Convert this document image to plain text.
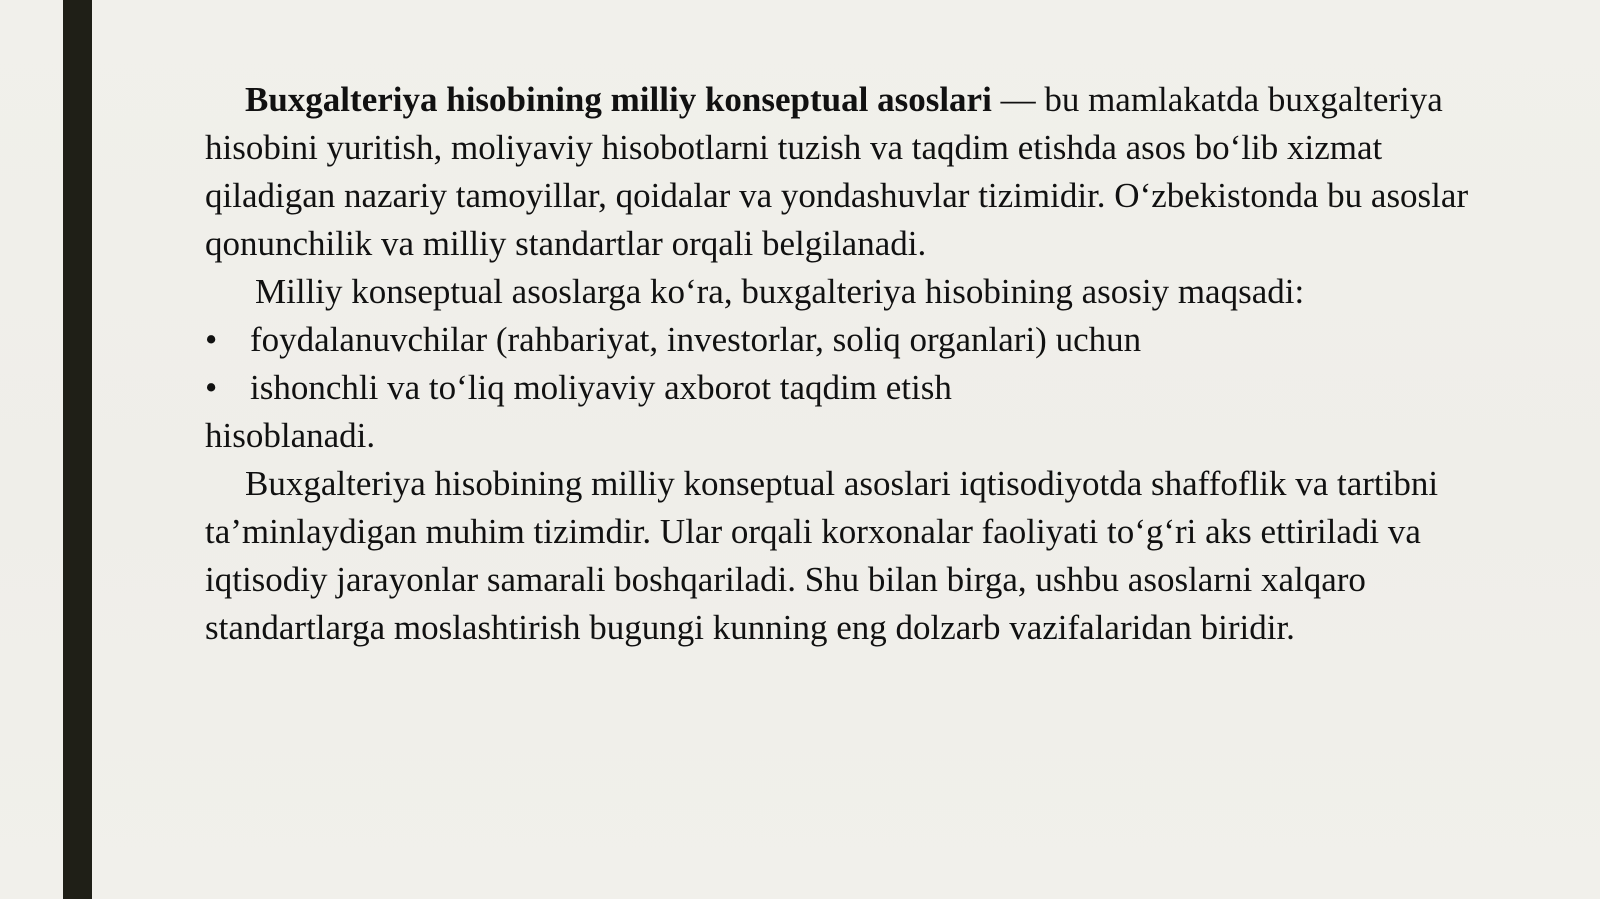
Buxgalteriya hisobining milliy konseptual asoslari — bu mamlakatda buxgalteriya hisobini yuritish, moliyaviy hisobotlarni tuzish va taqdim etishda asos bo‘lib xizmat qiladigan nazariy tamoyillar, qoidalar va yondashuvlar tizimidir. O‘zbekistonda bu asoslar qonunchilik va milliy standartlar orqali belgilanadi.

Milliy konseptual asoslarga ko‘ra, buxgalteriya hisobining asosiy maqsadi:

• foydalanuvchilar (rahbariyat, investorlar, soliq organlari) uchun
• ishonchli va to‘liq moliyaviy axborot taqdim etish

hisoblanadi.

Buxgalteriya hisobining milliy konseptual asoslari iqtisodiyotda shaffoflik va tartibni ta’minlaydigan muhim tizimdir. Ular orqali korxonalar faoliyati to‘g‘ri aks ettiriladi va iqtisodiy jarayonlar samarali boshqariladi. Shu bilan birga, ushbu asoslarni xalqaro standartlarga moslashtirish bugungi kunning eng dolzarb vazifalaridan biridir.
